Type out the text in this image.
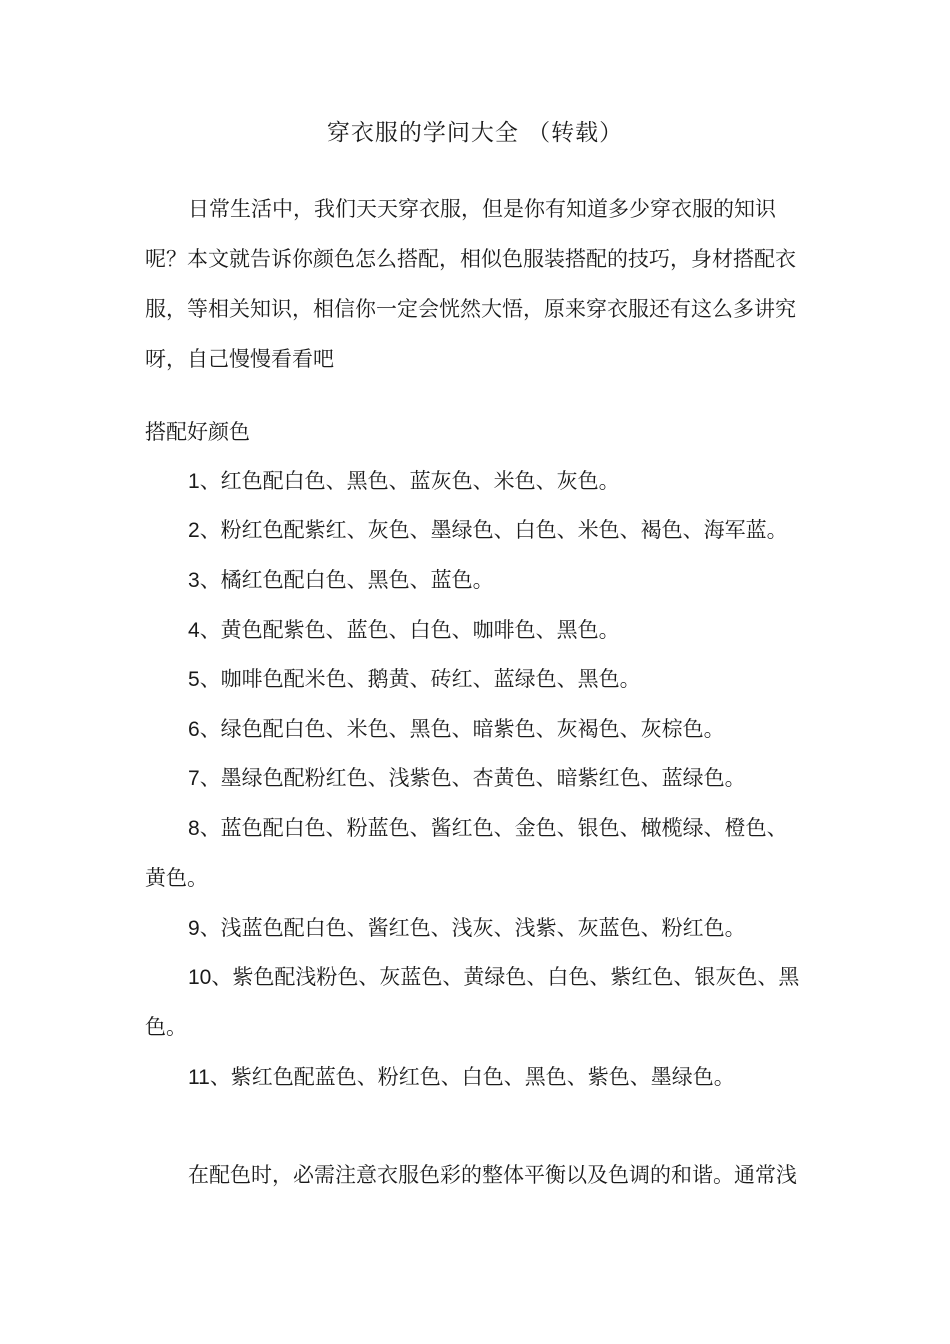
穿衣服的学问大全 （转载）
日常生活中，我们天天穿衣服，但是你有知道多少穿衣服的知识
呢？本文就告诉你颜色怎么搭配，相似色服装搭配的技巧，身材搭配衣
服，等相关知识，相信你一定会恍然大悟，原来穿衣服还有这么多讲究
呀，自己慢慢看看吧
搭配好颜色
1、红色配白色、黑色、蓝灰色、米色、灰色。
2、粉红色配紫红、灰色、墨绿色、白色、米色、褐色、海军蓝。
3、橘红色配白色、黑色、蓝色。
4、黄色配紫色、蓝色、白色、咖啡色、黑色。
5、咖啡色配米色、鹅黄、砖红、蓝绿色、黑色。
6、绿色配白色、米色、黑色、暗紫色、灰褐色、灰棕色。
7、墨绿色配粉红色、浅紫色、杏黄色、暗紫红色、蓝绿色。
8、蓝色配白色、粉蓝色、酱红色、金色、银色、橄榄绿、橙色、
黄色。
9、浅蓝色配白色、酱红色、浅灰、浅紫、灰蓝色、粉红色。
10、紫色配浅粉色、灰蓝色、黄绿色、白色、紫红色、银灰色、黑
色。
11、紫红色配蓝色、粉红色、白色、黑色、紫色、墨绿色。
在配色时，必需注意衣服色彩的整体平衡以及色调的和谐。通常浅
